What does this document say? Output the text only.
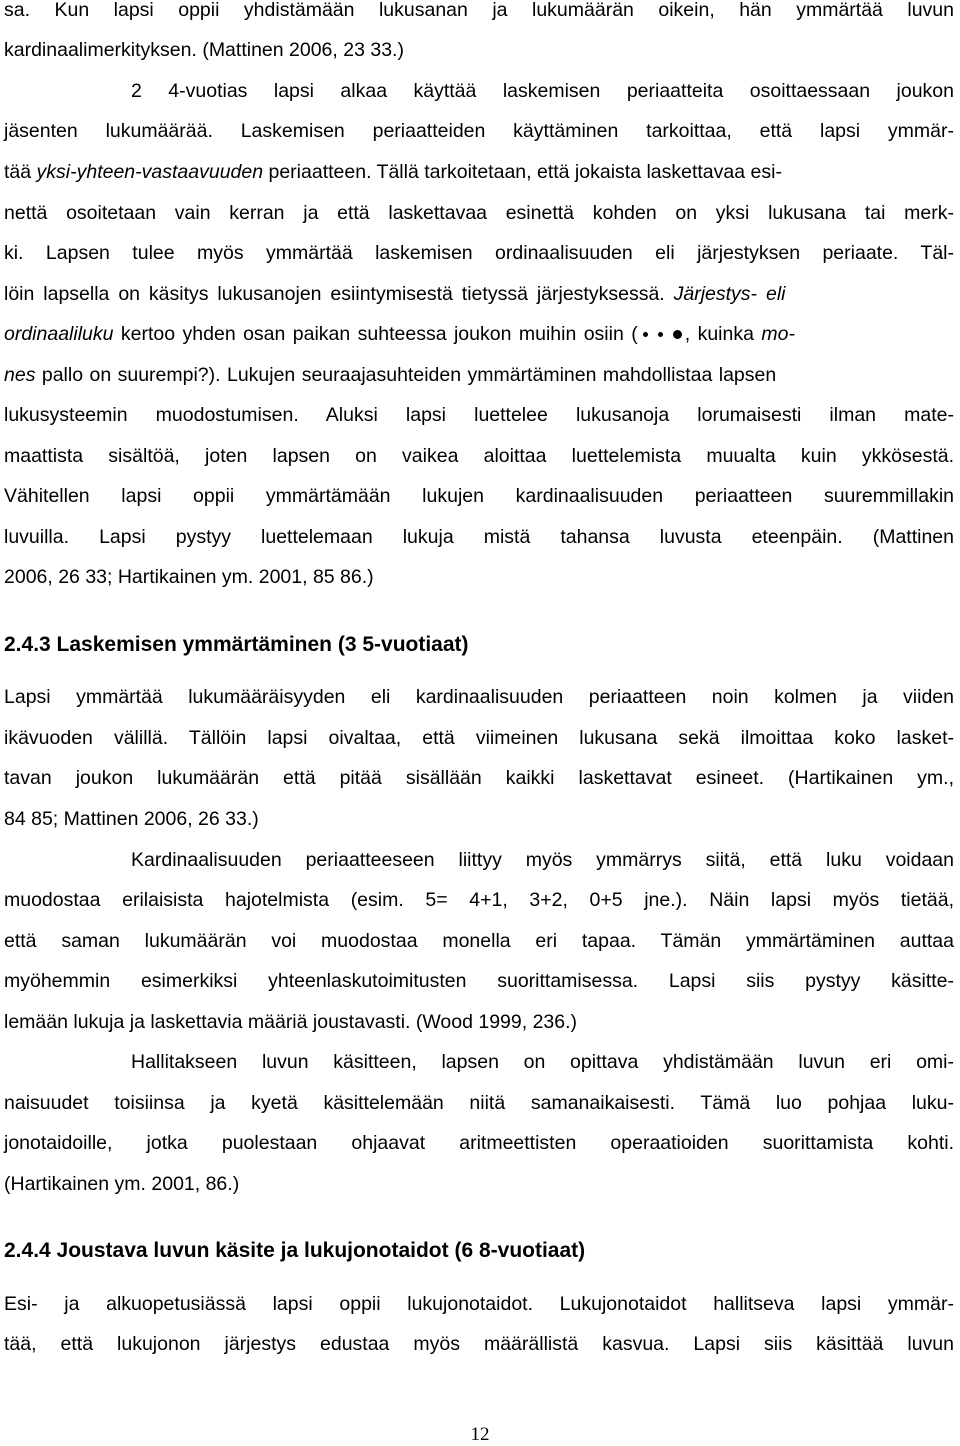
sa. Kun lapsi oppii yhdistämään lukusanan ja lukumäärän oikein, hän ymmärtää luvun
kardinaalimerkityksen. (Mattinen 2006, 23 33.)
2 4-vuotias lapsi alkaa käyttää laskemisen periaatteita osoittaessaan joukon
jäsenten lukumäärää. Laskemisen periaatteiden käyttäminen tarkoittaa, että lapsi ymmär-
tää yksi-yhteen-vastaavuuden periaatteen. Tällä tarkoitetaan, että jokaista laskettavaa esi-
nettä osoitetaan vain kerran ja että laskettavaa esinettä kohden on yksi lukusana tai merk-
ki. Lapsen tulee myös ymmärtää laskemisen ordinaalisuuden eli järjestyksen periaate. Täl-
löin lapsella on käsitys lukusanojen esiintymisestä tietyssä järjestyksessä. Järjestys- eli
ordinaaliluku kertoo yhden osan paikan suhteessa joukon muihin osiin ( , kuinka mo-
nes pallo on suurempi?). Lukujen seuraajasuhteiden ymmärtäminen mahdollistaa lapsen
lukusysteemin muodostumisen. Aluksi lapsi luettelee lukusanoja lorumaisesti ilman mate-
maattista sisältöä, joten lapsen on vaikea aloittaa luettelemista muualta kuin ykkösestä.
Vähitellen lapsi oppii ymmärtämään lukujen kardinaalisuuden periaatteen suuremmillakin
luvuilla. Lapsi pystyy luettelemaan lukuja mistä tahansa luvusta eteenpäin. (Mattinen
2006, 26 33; Hartikainen ym. 2001, 85 86.)
2.4.3 Laskemisen ymmärtäminen (3 5-vuotiaat)
Lapsi ymmärtää lukumääräisyyden eli kardinaalisuuden periaatteen noin kolmen ja viiden
ikävuoden välillä. Tällöin lapsi oivaltaa, että viimeinen lukusana sekä ilmoittaa koko lasket-
tavan joukon lukumäärän että pitää sisällään kaikki laskettavat esineet. (Hartikainen ym.,
84 85; Mattinen 2006, 26 33.)
Kardinaalisuuden periaatteeseen liittyy myös ymmärrys siitä, että luku voidaan
muodostaa erilaisista hajotelmista (esim. 5= 4+1, 3+2, 0+5 jne.). Näin lapsi myös tietää,
että saman lukumäärän voi muodostaa monella eri tapaa. Tämän ymmärtäminen auttaa
myöhemmin esimerkiksi yhteenlaskutoimitusten suorittamisessa. Lapsi siis pystyy käsitte-
lemään lukuja ja laskettavia määriä joustavasti. (Wood 1999, 236.)
Hallitakseen luvun käsitteen, lapsen on opittava yhdistämään luvun eri omi-
naisuudet toisiinsa ja kyetä käsittelemään niitä samanaikaisesti. Tämä luo pohjaa luku-
jonotaidoille, jotka puolestaan ohjaavat aritmeettisten operaatioiden suorittamista kohti.
(Hartikainen ym. 2001, 86.)
2.4.4 Joustava luvun käsite ja lukujonotaidot (6 8-vuotiaat)
Esi- ja alkuopetusiässä lapsi oppii lukujonotaidot. Lukujonotaidot hallitseva lapsi ymmär-
tää, että lukujonon järjestys edustaa myös määrällistä kasvua. Lapsi siis käsittää luvun
12
